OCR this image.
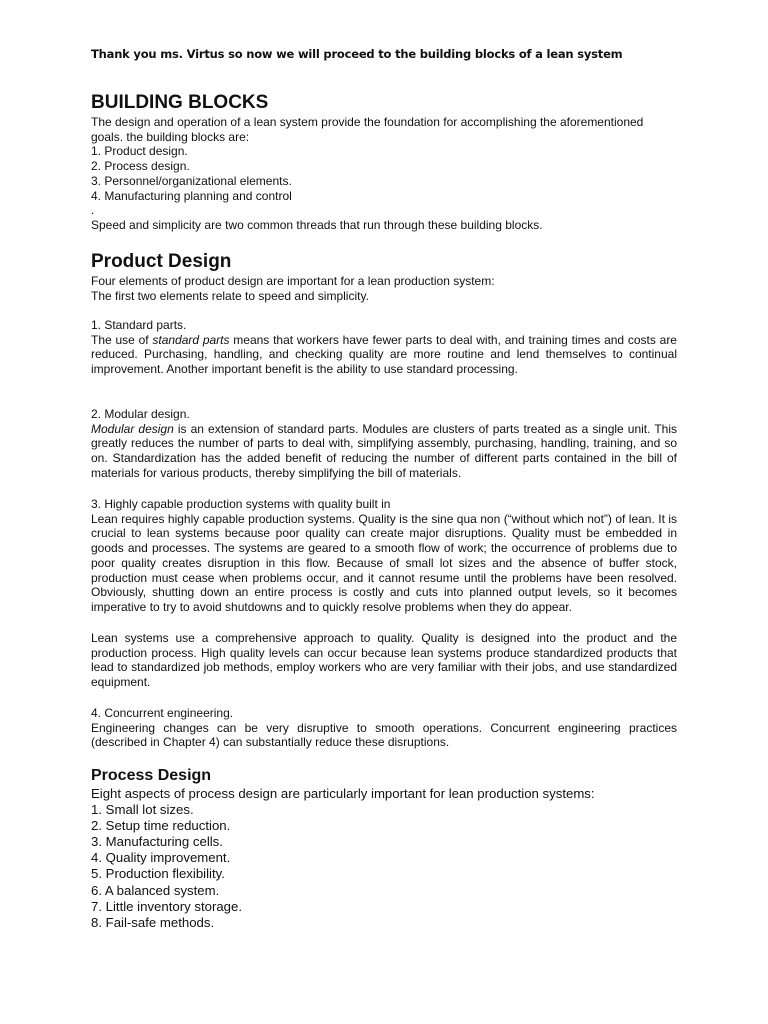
Thank you ms. Virtus so now we will proceed to the building blocks of a lean system
BUILDING BLOCKS

The design and operation of a lean system provide the foundation for accomplishing the aforementioned goals. the building blocks are:

1. Product design.
2. Process design.
3. Personnel/organizational elements.
4. Manufacturing planning and control
.

Speed and simplicity are two common threads that run through these building blocks.

Product Design

Four elements of product design are important for a lean production system:

The first two elements relate to speed and simplicity.

1. Standard parts.

The use of standard parts means that workers have fewer parts to deal with, and training times and costs are reduced. Purchasing, handling, and checking quality are more routine and lend themselves to continual improvement. Another important benefit is the ability to use standard processing.

2. Modular design.

Modular design is an extension of standard parts. Modules are clusters of parts treated as a single unit. This greatly reduces the number of parts to deal with, simplifying assembly, purchasing, handling, training, and so on. Standardization has the added benefit of reducing the number of different parts contained in the bill of materials for various products, thereby simplifying the bill of materials.

3. Highly capable production systems with quality built in

Lean requires highly capable production systems. Quality is the sine qua non (“without which not”) of lean. It is crucial to lean systems because poor quality can create major disruptions. Quality must be embedded in goods and processes. The systems are geared to a smooth flow of work; the occurrence of problems due to poor quality creates disruption in this flow. Because of small lot sizes and the absence of buffer stock, production must cease when problems occur, and it cannot resume until the problems have been resolved. Obviously, shutting down an entire process is costly and cuts into planned output levels, so it becomes imperative to try to avoid shutdowns and to quickly resolve problems when they do appear.

Lean systems use a comprehensive approach to quality. Quality is designed into the product and the production process. High quality levels can occur because lean systems produce standardized products that lead to standardized job methods, employ workers who are very familiar with their jobs, and use standardized equipment.

4. Concurrent engineering.

Engineering changes can be very disruptive to smooth operations. Concurrent engineering practices (described in Chapter 4) can substantially reduce these disruptions.

Process Design

Eight aspects of process design are particularly important for lean production systems:

1. Small lot sizes.
2. Setup time reduction.
3. Manufacturing cells.
4. Quality improvement.
5. Production flexibility.
6. A balanced system.
7. Little inventory storage.
8. Fail-safe methods.
